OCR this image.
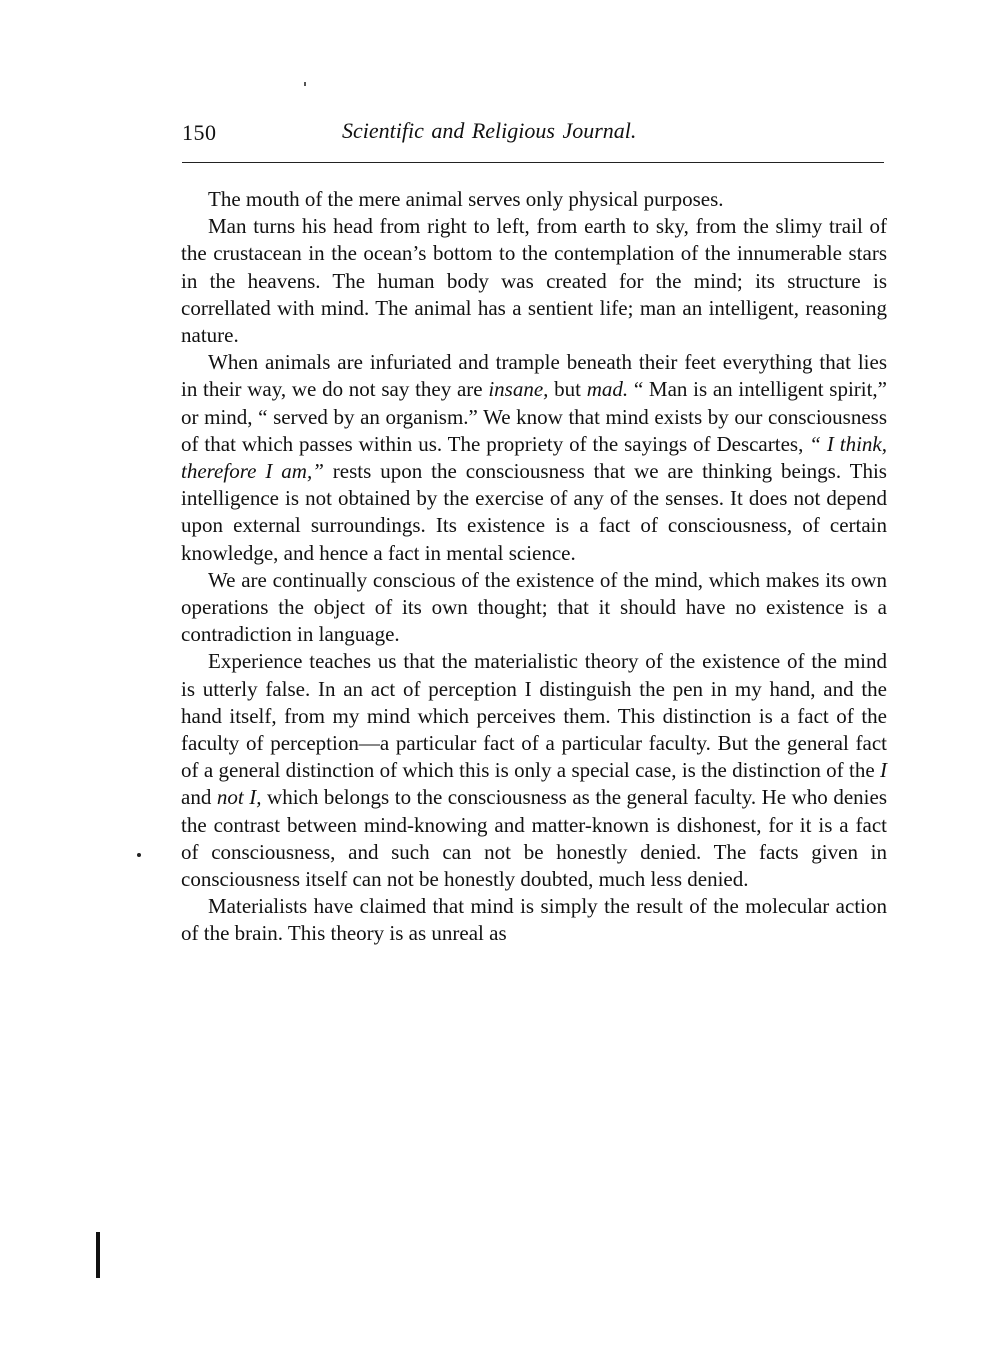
150	Scientific and Religious Journal.

The mouth of the mere animal serves only physical purposes.

Man turns his head from right to left, from earth to sky, from the slimy trail of the crustacean in the ocean’s bottom to the contemplation of the innumerable stars in the heavens. The human body was created for the mind; its structure is correllated with mind. The animal has a sentient life; man an intelligent, reasoning nature.

When animals are infuriated and trample beneath their feet everything that lies in their way, we do not say they are insane, but mad. “ Man is an intelligent spirit,” or mind, “ served by an organism.” We know that mind exists by our consciousness of that which passes within us. The propriety of the sayings of Descartes, “ I think, therefore I am,” rests upon the consciousness that we are thinking beings. This intelligence is not obtained by the exercise of any of the senses. It does not depend upon external surroundings. Its existence is a fact of consciousness, of certain knowledge, and hence a fact in mental science.

We are continually conscious of the existence of the mind, which makes its own operations the object of its own thought; that it should have no existence is a contradiction in language.

Experience teaches us that the materialistic theory of the existence of the mind is utterly false. In an act of perception I distinguish the pen in my hand, and the hand itself, from my mind which perceives them. This distinction is a fact of the faculty of perception—a particular fact of a particular faculty. But the general fact of a general distinction of which this is only a special case, is the distinction of the I and not I, which belongs to the consciousness as the general faculty. He who denies the contrast between mind-knowing and matter-known is dishonest, for it is a fact of consciousness, and such can not be honestly denied. The facts given in consciousness itself can not be honestly doubted, much less denied.

Materialists have claimed that mind is simply the result of the molecular action of the brain. This theory is as unreal as
